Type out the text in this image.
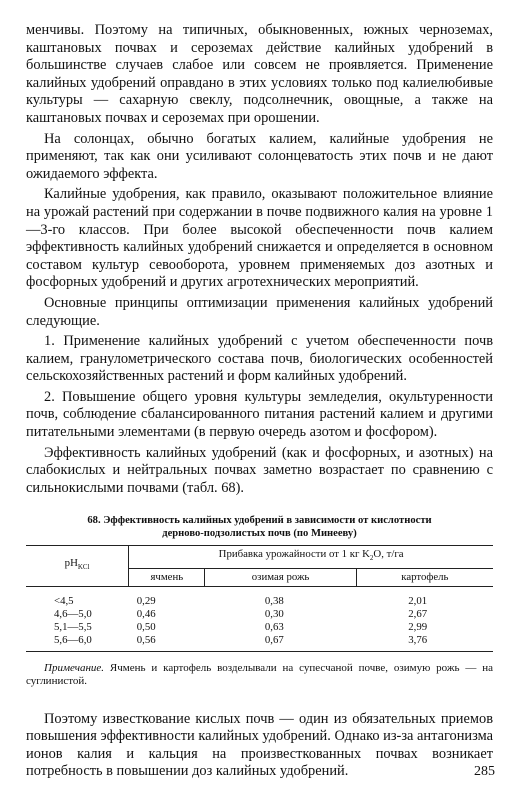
менчивы. Поэтому на типичных, обыкновенных, южных черноземах, каштановых почвах и сероземах действие калийных удобрений в большинстве случаев слабое или совсем не проявляется. Применение калийных удобрений оправдано в этих условиях только под калиелюбивые культуры — сахарную свеклу, подсолнечник, овощные, а также на каштановых почвах и сероземах при орошении.

На солонцах, обычно богатых калием, калийные удобрения не применяют, так как они усиливают солонцеватость этих почв и не дают ожидаемого эффекта.

Калийные удобрения, как правило, оказывают положительное влияние на урожай растений при содержании в почве подвижного калия на уровне 1—3-го классов. При более высокой обеспеченности почв калием эффективность калийных удобрений снижается и определяется в основном составом культур севооборота, уровнем применяемых доз азотных и фосфорных удобрений и других агротехнических мероприятий.

Основные принципы оптимизации применения калийных удобрений следующие.

1. Применение калийных удобрений с учетом обеспеченности почв калием, гранулометрического состава почв, биологических особенностей сельскохозяйственных растений и форм калийных удобрений.

2. Повышение общего уровня культуры земледелия, окультуренности почв, соблюдение сбалансированного питания растений калием и другими питательными элементами (в первую очередь азотом и фосфором).

Эффективность калийных удобрений (как и фосфорных, и азотных) на слабокислых и нейтральных почвах заметно возрастает по сравнению с сильнокислыми почвами (табл. 68).

68. Эффективность калийных удобрений в зависимости от кислотности
дерново-подзолистых почв (по Минееву)
$pH_{KCl}$	Прибавка урожайности от 1 кг $K_2O$, т/га		
	ячмень	озимая рожь	картофель
<4,5	0,29	0,38	2,01
4,6—5,0	0,46	0,30	2,67
5,1—5,5	0,50	0,63	2,99
5,6—6,0	0,56	0,67	3,76

Примечание. Ячмень и картофель возделывали на супесчаной почве, озимую рожь — на суглинистой.

Поэтому известкование кислых почв — один из обязательных приемов повышения эффективности калийных удобрений. Однако из-за антагонизма ионов калия и кальция на произвесткованных почвах возникает потребность в повышении доз калийных удобрений.	285
